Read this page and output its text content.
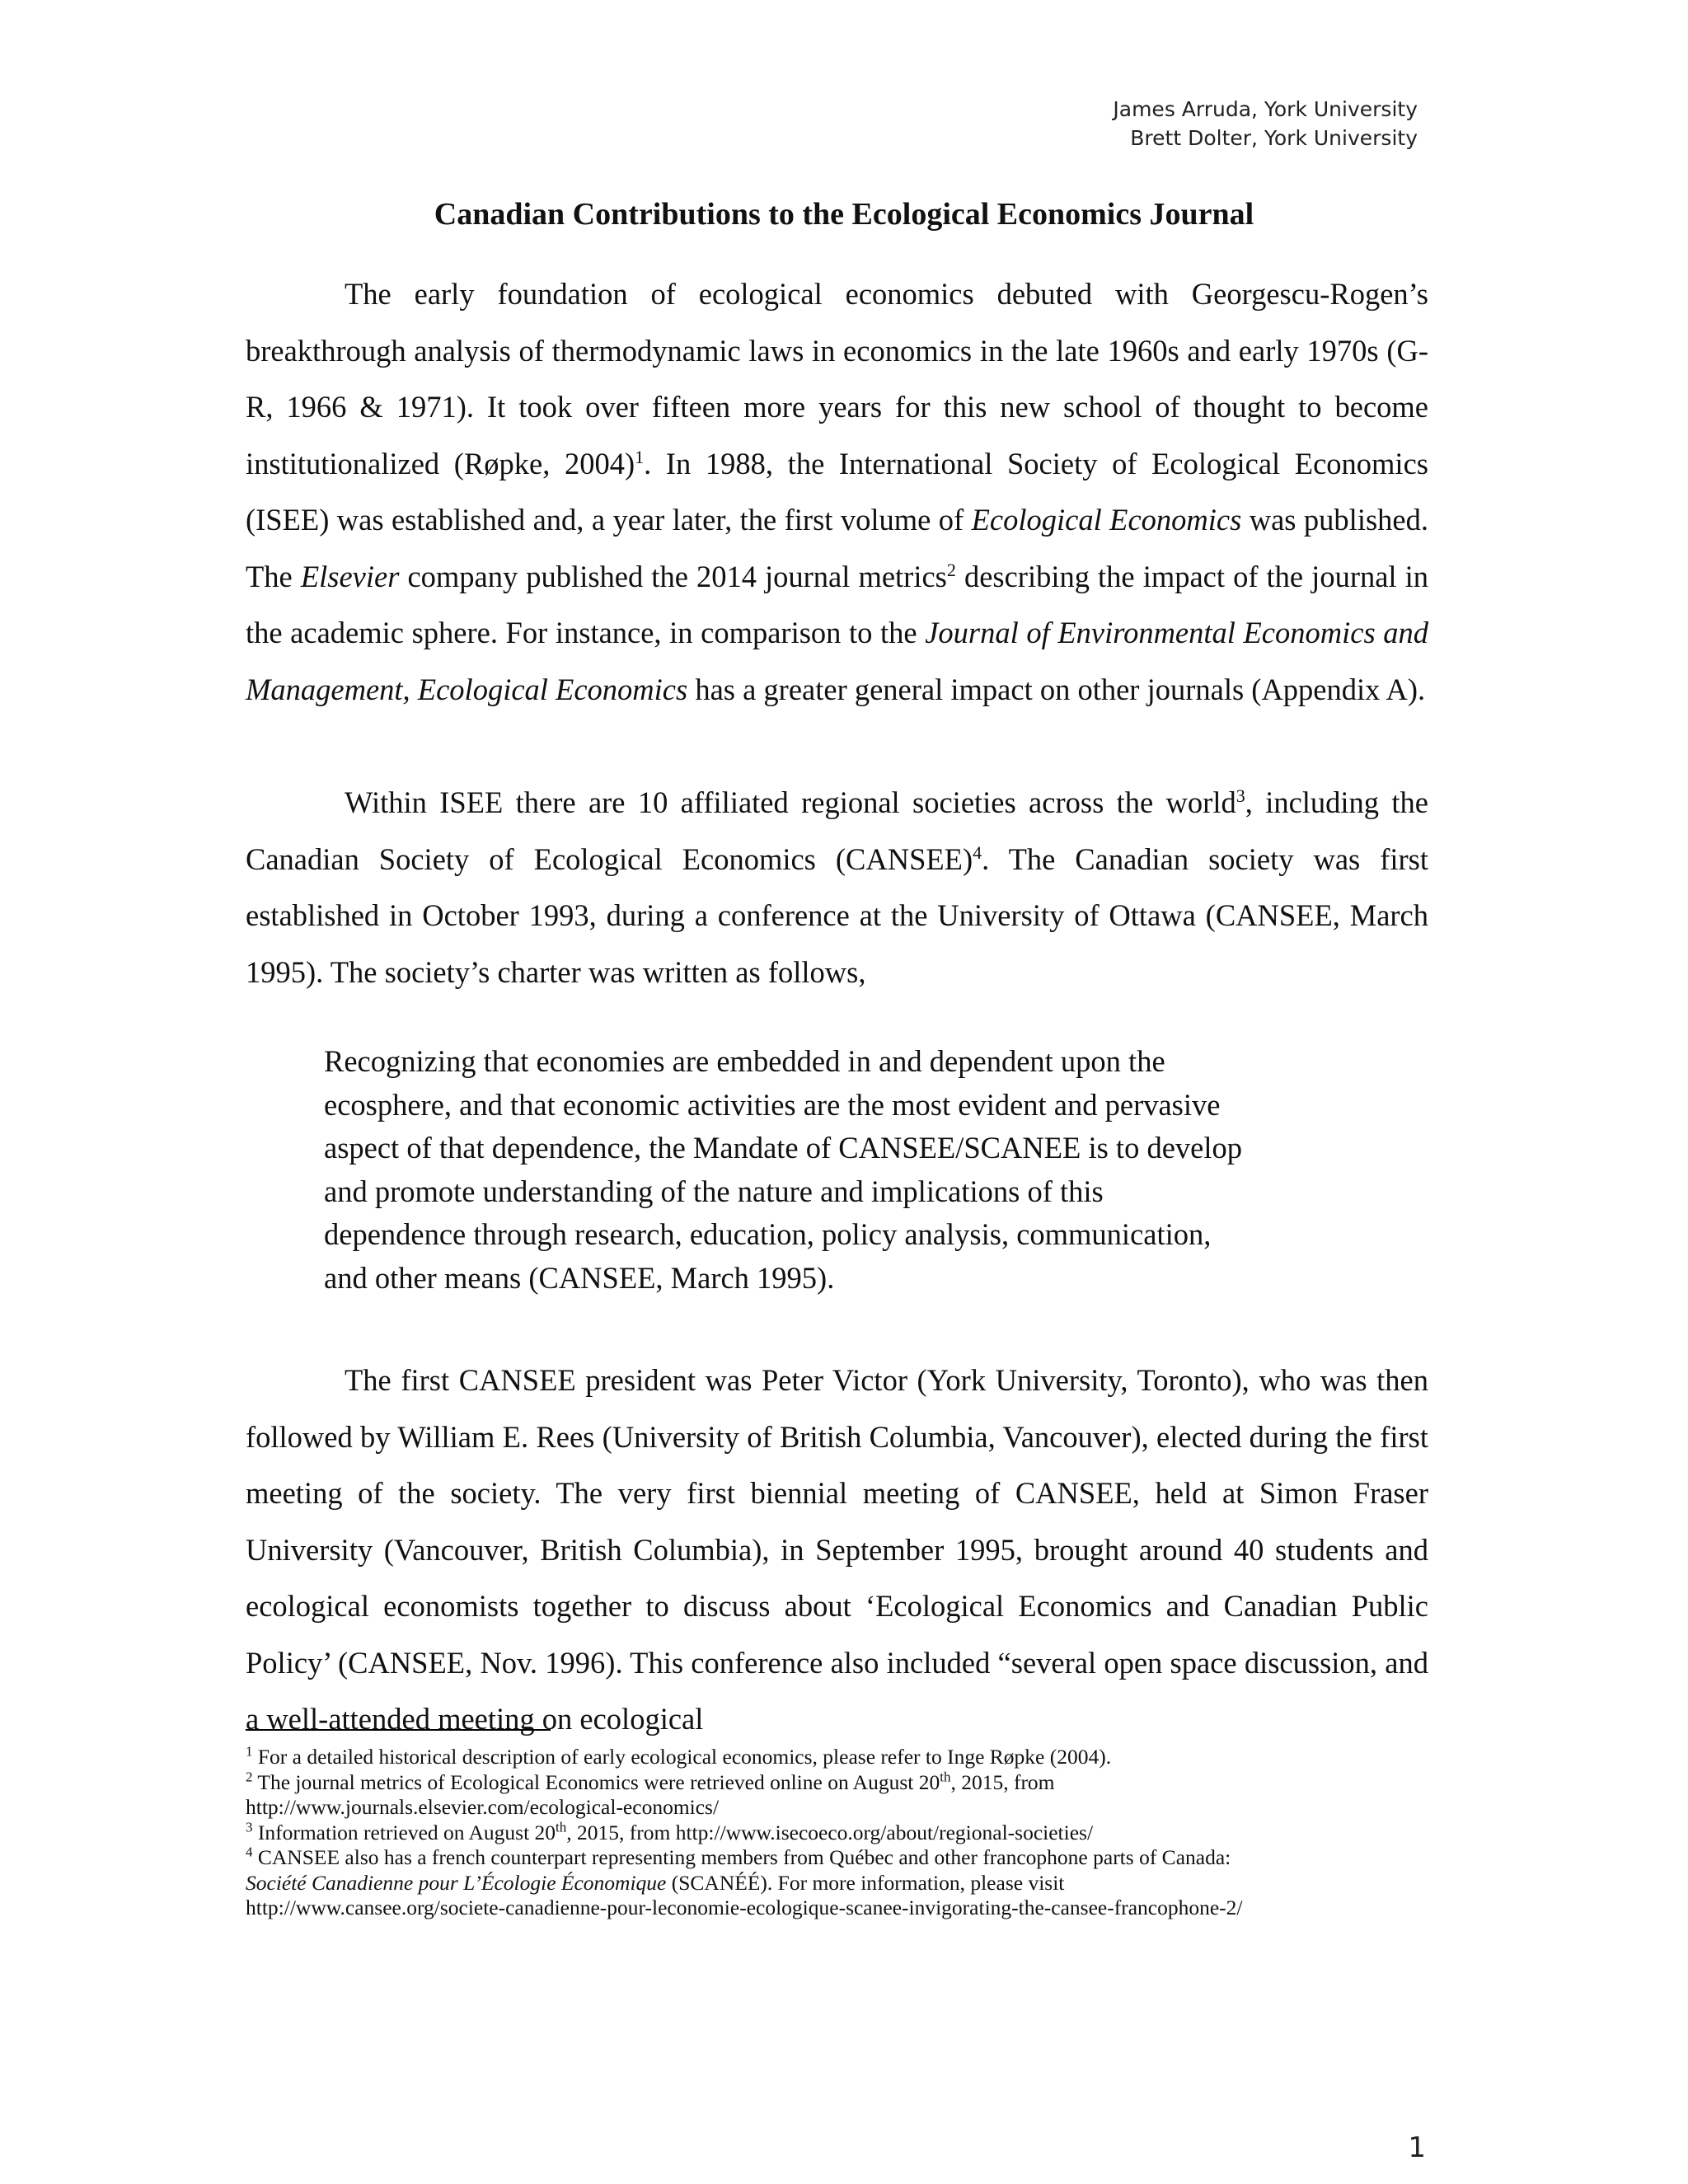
James Arruda, York University
Brett Dolter, York University
Canadian Contributions to the Ecological Economics Journal
The early foundation of ecological economics debuted with Georgescu-Rogen’s breakthrough analysis of thermodynamic laws in economics in the late 1960s and early 1970s (G-R, 1966 & 1971). It took over fifteen more years for this new school of thought to become institutionalized (Røpke, 2004)$^1$. In 1988, the International Society of Ecological Economics (ISEE) was established and, a year later, the first volume of Ecological Economics was published. The Elsevier company published the 2014 journal metrics$^2$ describing the impact of the journal in the academic sphere. For instance, in comparison to the Journal of Environmental Economics and Management, Ecological Economics has a greater general impact on other journals (Appendix A).
Within ISEE there are 10 affiliated regional societies across the world$^3$, including the Canadian Society of Ecological Economics (CANSEE)$^4$. The Canadian society was first established in October 1993, during a conference at the University of Ottawa (CANSEE, March 1995). The society’s charter was written as follows,
Recognizing that economies are embedded in and dependent upon the
ecosphere, and that economic activities are the most evident and pervasive
aspect of that dependence, the Mandate of CANSEE/SCANEE is to develop
and promote understanding of the nature and implications of this
dependence through research, education, policy analysis, communication,
and other means (CANSEE, March 1995).
The first CANSEE president was Peter Victor (York University, Toronto), who was then followed by William E. Rees (University of British Columbia, Vancouver), elected during the first meeting of the society. The very first biennial meeting of CANSEE, held at Simon Fraser University (Vancouver, British Columbia), in September 1995, brought around 40 students and ecological economists together to discuss about ‘Ecological Economics and Canadian Public Policy’ (CANSEE, Nov. 1996). This conference also included “several open space discussion, and a well-attended meeting on ecological
$^1$ For a detailed historical description of early ecological economics, please refer to Inge Røpke (2004).
$^2$ The journal metrics of Ecological Economics were retrieved online on August 20th, 2015, from
http://www.journals.elsevier.com/ecological-economics/
$^3$ Information retrieved on August 20th, 2015, from http://www.isecoeco.org/about/regional-societies/
$^4$ CANSEE also has a french counterpart representing members from Québec and other francophone parts of Canada:
Société Canadienne pour L’Écologie Économique (SCANÉÉ). For more information, please visit
http://www.cansee.org/societe-canadienne-pour-leconomie-ecologique-scanee-invigorating-the-cansee-francophone-2/
1
